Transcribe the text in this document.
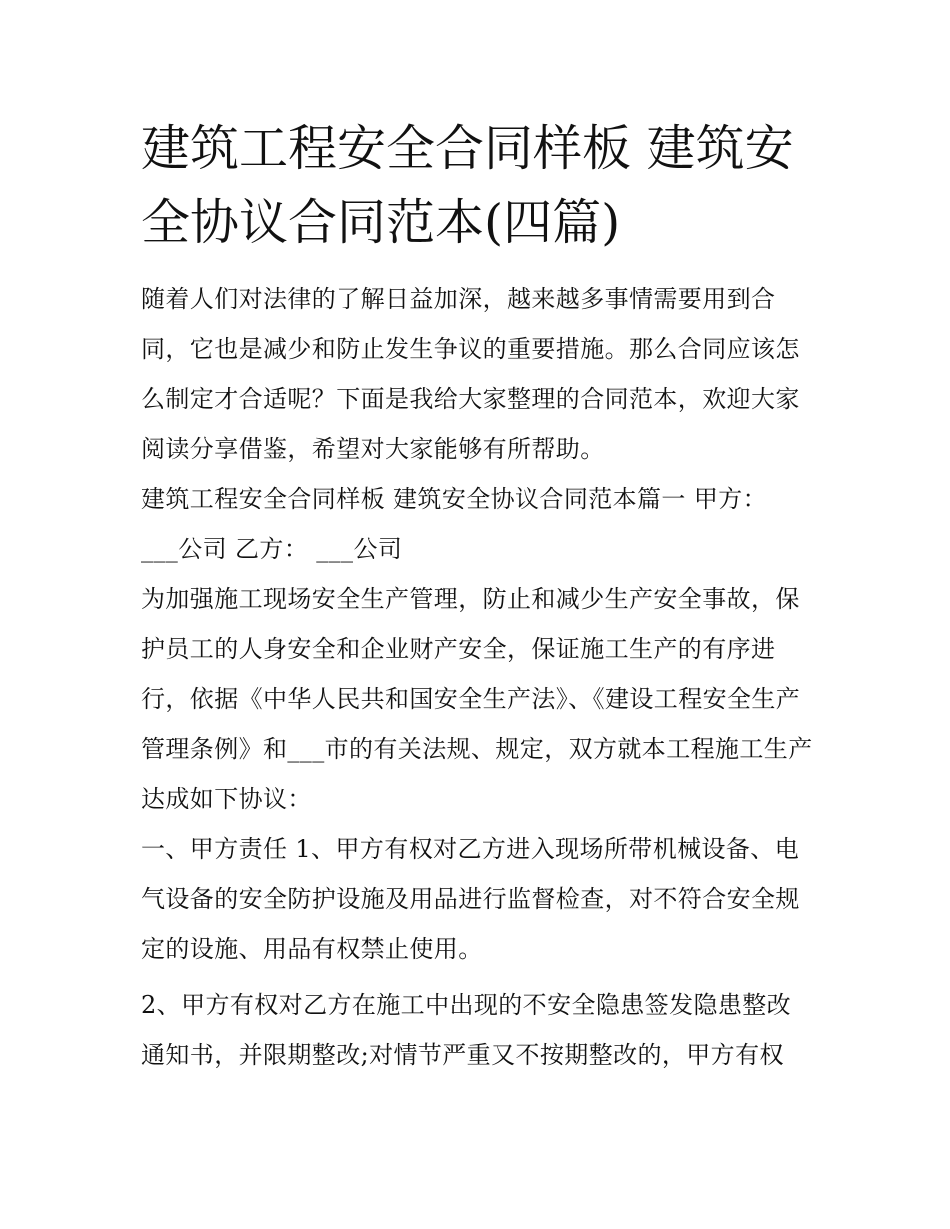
建筑工程安全合同样板 建筑安全协议合同范本(四篇)

随着人们对法律的了解日益加深，越来越多事情需要用到合同，它也是减少和防止发生争议的重要措施。那么合同应该怎么制定才合适呢？下面是我给大家整理的合同范本，欢迎大家阅读分享借鉴，希望对大家能够有所帮助。

建筑工程安全合同样板 建筑安全协议合同范本篇一 甲方：

___公司 乙方： ___公司

为加强施工现场安全生产管理，防止和减少生产安全事故，保护员工的人身安全和企业财产安全，保证施工生产的有序进行，依据《中华人民共和国安全生产法》、《建设工程安全生产管理条例》和___市的有关法规、规定，双方就本工程施工生产达成如下协议：

一、甲方责任 1、甲方有权对乙方进入现场所带机械设备、电气设备的安全防护设施及用品进行监督检查，对不符合安全规定的设施、用品有权禁止使用。

2、甲方有权对乙方在施工中出现的不安全隐患签发隐患整改通知书，并限期整改;对情节严重又不按期整改的，甲方有权
